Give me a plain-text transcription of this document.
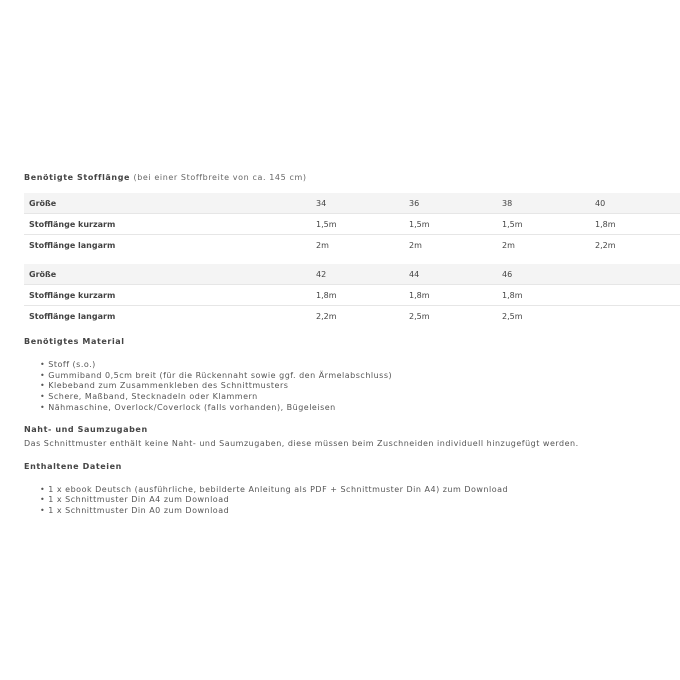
Benötigte Stofflänge (bei einer Stoffbreite von ca. 145 cm)
Größe	34	36	38	40
Stofflänge kurzarm	1,5m	1,5m	1,5m	1,8m
Stofflänge langarm	2m	2m	2m	2,2m
Größe	42	44	46	
Stofflänge kurzarm	1,8m	1,8m	1,8m	
Stofflänge langarm	2,2m	2,5m	2,5m	
Benötigtes Material
• Stoff (s.o.)
• Gummiband 0,5cm breit (für die Rückennaht sowie ggf. den Ärmelabschluss)
• Klebeband zum Zusammenkleben des Schnittmusters
• Schere, Maßband, Stecknadeln oder Klammern
• Nähmaschine, Overlock/Coverlock (falls vorhanden), Bügeleisen
Naht- und Saumzugaben

Das Schnittmuster enthält keine Naht- und Saumzugaben, diese müssen beim Zuschneiden individuell hinzugefügt werden.

Enthaltene Dateien
• 1 x ebook Deutsch (ausführliche, bebilderte Anleitung als PDF + Schnittmuster Din A4) zum Download
• 1 x Schnittmuster Din A4 zum Download
• 1 x Schnittmuster Din A0 zum Download
